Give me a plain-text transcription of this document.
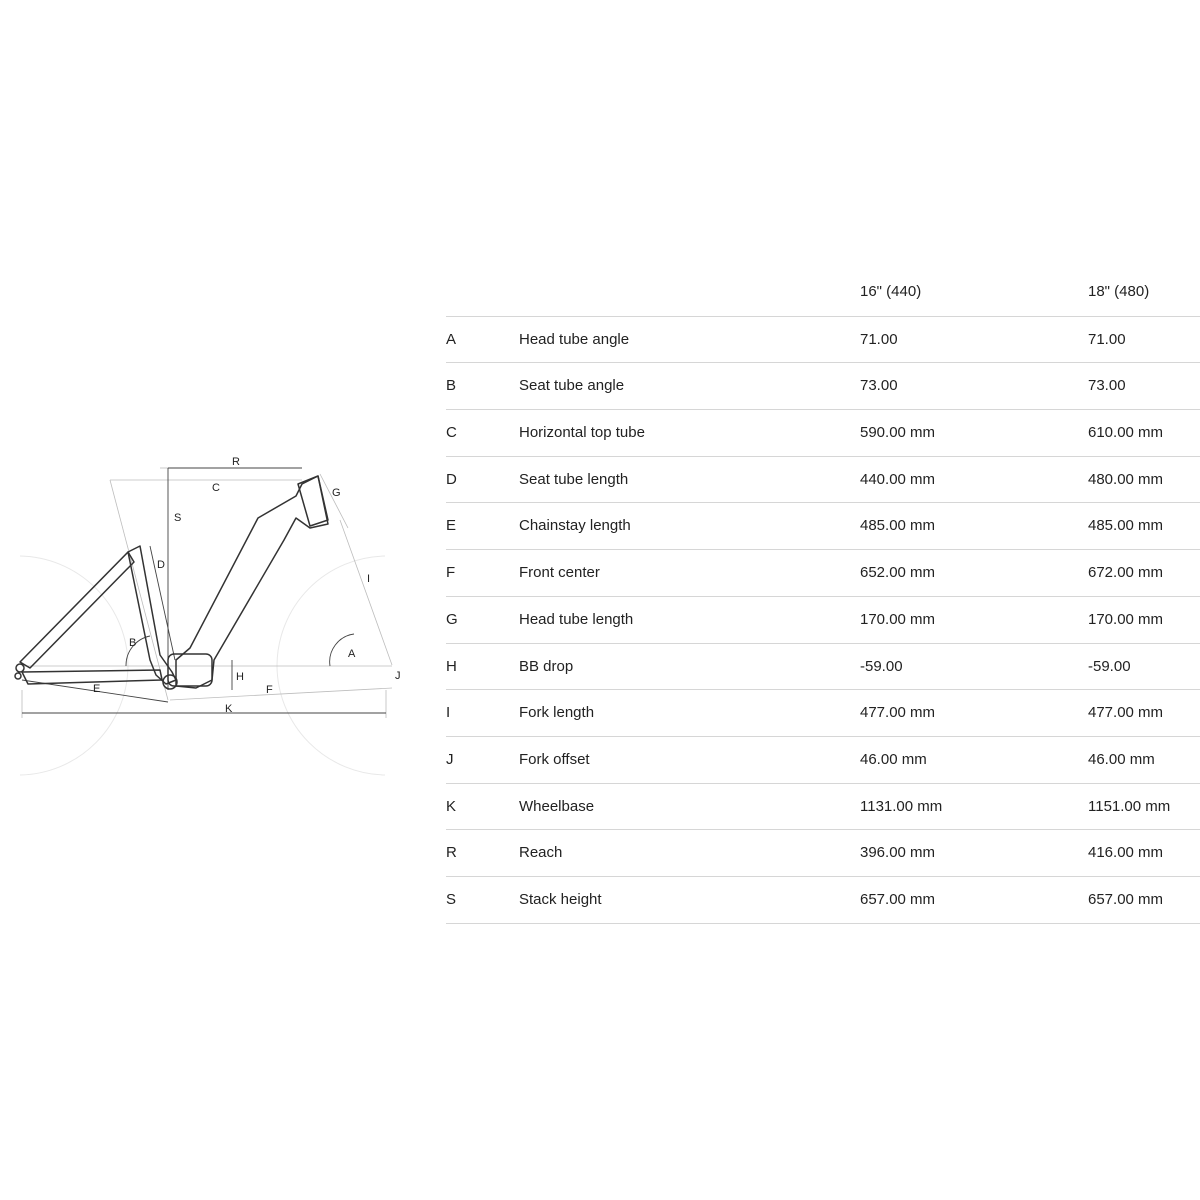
R
C
S
G
D
I
B
A
H	J
E	F
K
16" (440)	18" (480)
A	Head tube angle	71.00	71.00
B	Seat tube angle	73.00	73.00
C	Horizontal top tube	590.00 mm	610.00 mm
D	Seat tube length	440.00 mm	480.00 mm
E	Chainstay length	485.00 mm	485.00 mm
F	Front center	652.00 mm	672.00 mm
G	Head tube length	170.00 mm	170.00 mm
H	BB drop	-59.00	-59.00
I	Fork length	477.00 mm	477.00 mm
J	Fork offset	46.00 mm	46.00 mm
K	Wheelbase	1131.00 mm	1151.00 mm
R	Reach	396.00 mm	416.00 mm
S	Stack height	657.00 mm	657.00 mm
